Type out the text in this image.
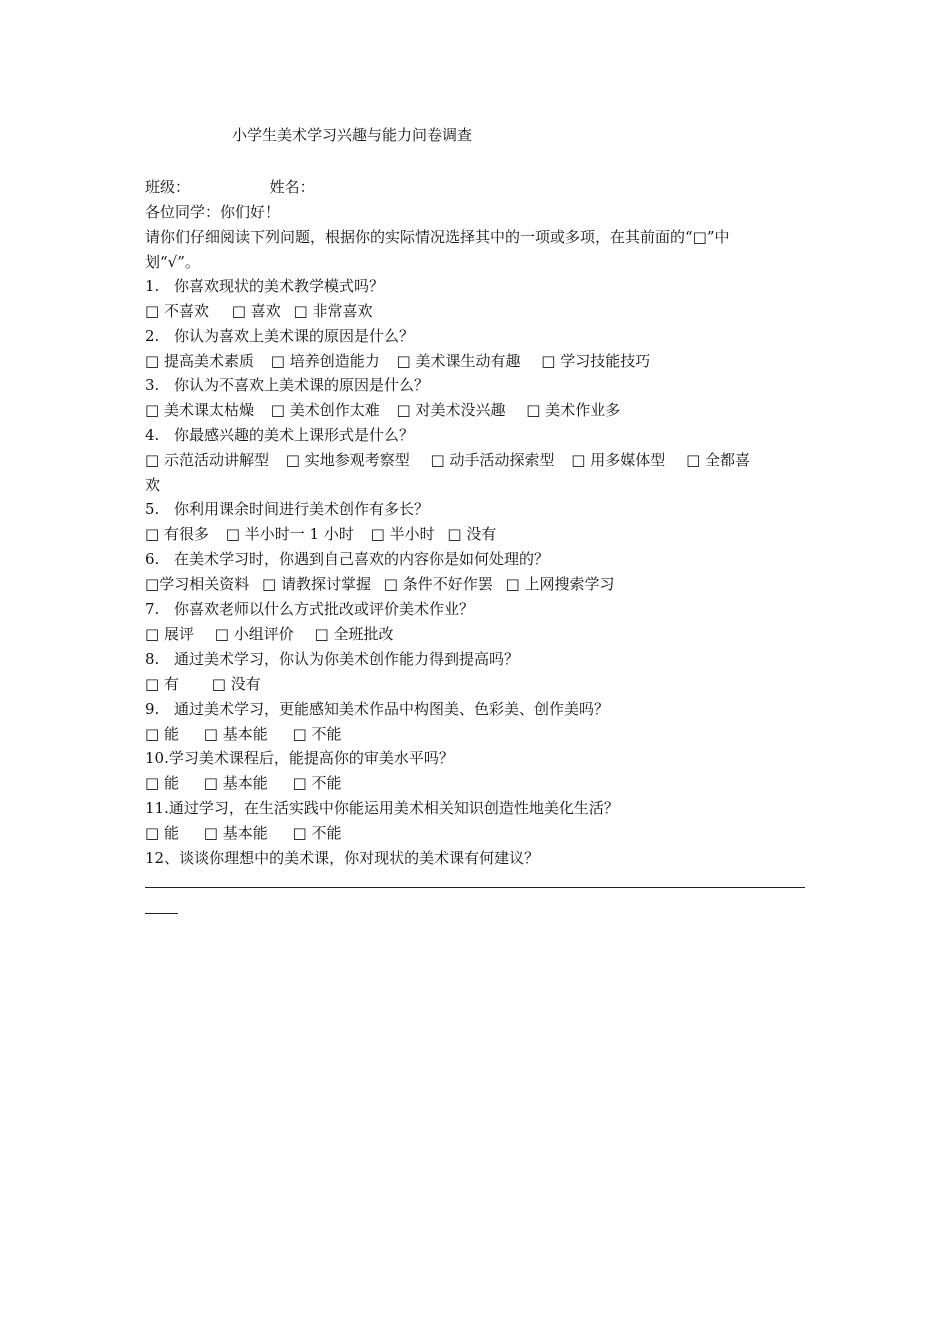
小学生美术学习兴趣与能力问卷调查
班级：	姓名：
各位同学：你们好！
请你们仔细阅读下列问题，根据你的实际情况选择其中的一项或多项，在其前面的“□”中
划“√”。
1. 你喜欢现状的美术教学模式吗？
□ 不喜欢 □ 喜欢 □ 非常喜欢
2. 你认为喜欢上美术课的原因是什么？
□ 提高美术素质 □ 培养创造能力 □ 美术课生动有趣 □ 学习技能技巧
3. 你认为不喜欢上美术课的原因是什么？
□ 美术课太枯燥 □ 美术创作太难 □ 对美术没兴趣 □ 美术作业多
4. 你最感兴趣的美术上课形式是什么？
□ 示范活动讲解型 □ 实地参观考察型 □ 动手活动探索型 □ 用多媒体型 □ 全都喜
欢
5. 你利用课余时间进行美术创作有多长？
□ 有很多 □ 半小时一 1 小时 □ 半小时 □ 没有
6. 在美术学习时，你遇到自己喜欢的内容你是如何处理的？
□学习相关资料 □ 请教探讨掌握 □ 条件不好作罢 □ 上网搜索学习
7. 你喜欢老师以什么方式批改或评价美术作业？
□ 展评 □ 小组评价 □ 全班批改
8. 通过美术学习，你认为你美术创作能力得到提高吗？
□ 有 □ 没有
9. 通过美术学习，更能感知美术作品中构图美、色彩美、创作美吗？
□ 能 □ 基本能 □ 不能
10.学习美术课程后，能提高你的审美水平吗？
□ 能 □ 基本能 □ 不能
11.通过学习，在生活实践中你能运用美术相关知识创造性地美化生活？
□ 能 □ 基本能 □ 不能
12、谈谈你理想中的美术课，你对现状的美术课有何建议？
